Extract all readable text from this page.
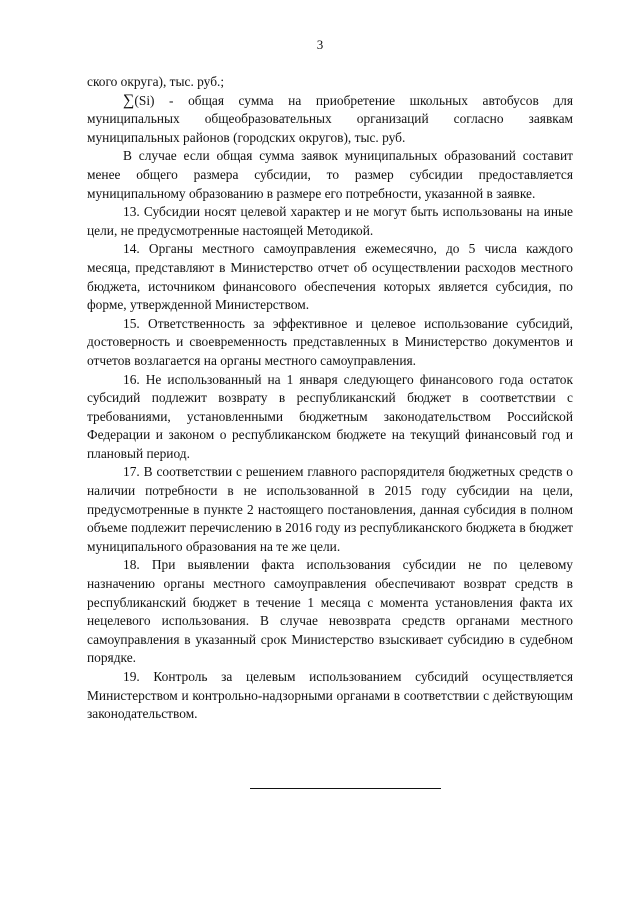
3

ского округа), тыс. руб.;

∑(Si) - общая сумма на приобретение школьных автобусов для муниципальных общеобразовательных организаций согласно заявкам муниципальных районов (городских округов), тыс. руб.

В случае если общая сумма заявок муниципальных образований составит менее общего размера субсидии, то размер субсидии предоставляется муниципальному образованию в размере его потребности, указанной в заявке.

13. Субсидии носят целевой характер и не могут быть использованы на иные цели, не предусмотренные настоящей Методикой.

14. Органы местного самоуправления ежемесячно, до 5 числа каждого месяца, представляют в Министерство отчет об осуществлении расходов местного бюджета, источником финансового обеспечения которых является субсидия, по форме, утвержденной Министерством.

15. Ответственность за эффективное и целевое использование субсидий, достоверность и своевременность представленных в Министерство документов и отчетов возлагается на органы местного самоуправления.

16. Не использованный на 1 января следующего финансового года остаток субсидий подлежит возврату в республиканский бюджет в соответствии с требованиями, установленными бюджетным законодательством Российской Федерации и законом о республиканском бюджете на текущий финансовый год и плановый период.

17. В соответствии с решением главного распорядителя бюджетных средств о наличии потребности в не использованной в 2015 году субсидии на цели, предусмотренные в пункте 2 настоящего постановления, данная субсидия в полном объеме подлежит перечислению в 2016 году из республиканского бюджета в бюджет муниципального образования на те же цели.

18. При выявлении факта использования субсидии не по целевому назначению органы местного самоуправления обеспечивают возврат средств в республиканский бюджет в течение 1 месяца с момента установления факта их нецелевого использования. В случае невозврата средств органами местного самоуправления в указанный срок Министерство взыскивает субсидию в судебном порядке.

19. Контроль за целевым использованием субсидий осуществляется Министерством и контрольно-надзорными органами в соответствии с действующим законодательством.
